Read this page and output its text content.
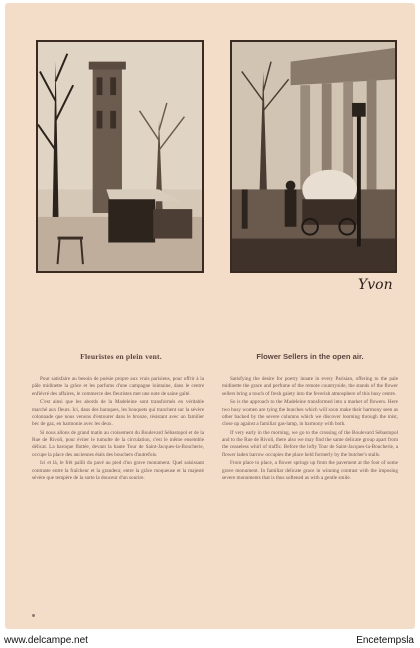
Yvon
Fleuristes en plein vent.	Flower Sellers in the open air.

Pour satisfaire au besoin de poésie propre aux vrais parisiens, pour offrir à la pâle midinette la grâce et les parfums d'une campagne lointaine, dans le centre enfiévré des affaires, le commerce des fleuristes met une note de saine gaîté.

C'est ainsi que les abords de la Madeleine sont transformés en véritable marché aux fleurs. Ici, dans des baraques, les bouquets qui tranchent sur la sévère colonnade que nous venons d'entourer dans le bronze, résistant avec un familier bec de gaz, en harmonie avec les deux.

Si nous allons de grand matin au croisement du Boulevard Sébastopol et de la Rue de Rivoli, pour éviter le tumulte de la circulation, c'est le même ensemble délicat. La baroque flottée, devant la haute Tour de Saint-Jacques-la-Boucherie, occupe la place des anciennes étals des bouchers d'autrefois.

Ici et là, le frêt pailli du pavé au pied d'un grave monument. Quel saisissant contraste entre la fraîcheur et la grandeur, entre la grâce moqueuse et la majesté sévère que tempère de la sorte la douceur d'un sourire.

Satisfying the desire for poetry innate in every Parisian, offering to the pale midinette the grace and perfume of the remote countryside, the stands of the flower sellers bring a touch of fresh gaiety into the feverish atmosphere of this busy centre.

So is the approach to the Madeleine transformed into a market of flowers. Here two busy women are tying the bunches which will soon make their harmony seen as other backed by the severe columns which we discover looming through the mist, close up against a familiar gas-lamp, in harmony with both.

If very early in the morning, we go to the crossing of the Boulevard Sébastopol and to the Rue de Rivoli, there also we may find the same delicate group apart from the ceaseless whirl of traffic. Before the lofty Tour de Saint-Jacques-la-Boucherie, a flower laden barrow occupies the place held formerly by the butcher's stalls.

From place to place, a flower springs up from the pavement at the foot of some grave monument. In familiar delicate grace in winning contrast with the imposing severe monuments that is thus softened as with a gentle smile.

www.delcampe.net	Encetempsla
